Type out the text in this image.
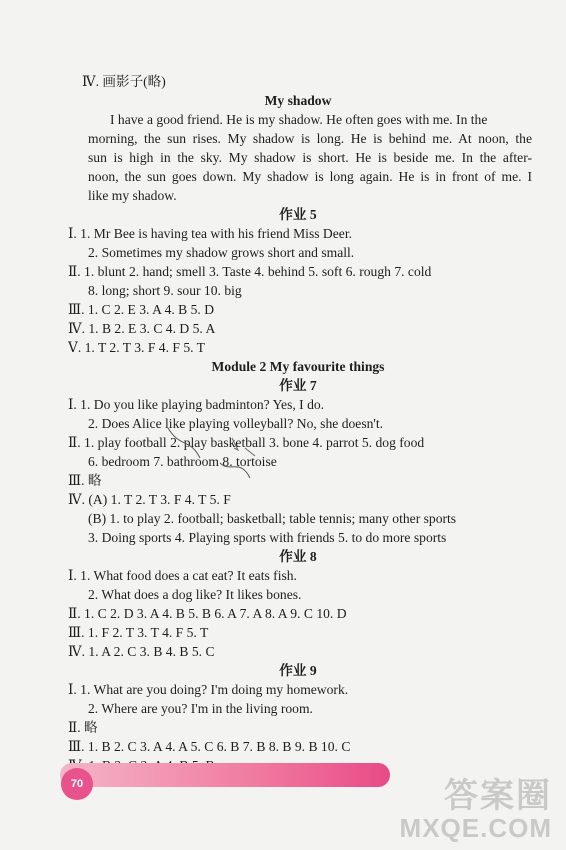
Ⅳ. 画影子(略)
My shadow
I have a good friend. He is my shadow. He often goes with me. In the
morning, the sun rises. My shadow is long. He is behind me. At noon, the
sun is high in the sky. My shadow is short. He is beside me. In the after-
noon, the sun goes down. My shadow is long again. He is in front of me. I
like my shadow.
作业 5
Ⅰ. 1. Mr Bee is having tea with his friend Miss Deer.
2. Sometimes my shadow grows short and small.
Ⅱ. 1. blunt 2. hand; smell 3. Taste 4. behind 5. soft 6. rough 7. cold
8. long; short 9. sour 10. big
Ⅲ. 1. C 2. E 3. A 4. B 5. D
Ⅳ. 1. B 2. E 3. C 4. D 5. A
Ⅴ. 1. T 2. T 3. F 4. F 5. T
Module 2 My favourite things
作业 7
Ⅰ. 1. Do you like playing badminton? Yes, I do.
2. Does Alice like playing volleyball? No, she doesn't.
Ⅱ. 1. play football 2. play basketball 3. bone 4. parrot 5. dog food
6. bedroom 7. bathroom 8. tortoise
Ⅲ. 略
Ⅳ. (A) 1. T 2. T 3. F 4. T 5. F
(B) 1. to play 2. football; basketball; table tennis; many other sports
3. Doing sports 4. Playing sports with friends 5. to do more sports
作业 8
Ⅰ. 1. What food does a cat eat? It eats fish.
2. What does a dog like? It likes bones.
Ⅱ. 1. C 2. D 3. A 4. B 5. B 6. A 7. A 8. A 9. C 10. D
Ⅲ. 1. F 2. T 3. T 4. F 5. T
Ⅳ. 1. A 2. C 3. B 4. B 5. C
作业 9
Ⅰ. 1. What are you doing? I'm doing my homework.
2. Where are you? I'm in the living room.
Ⅱ. 略
Ⅲ. 1. B 2. C 3. A 4. A 5. C 6. B 7. B 8. B 9. B 10. C
70	答案圈
MXQE.COM
